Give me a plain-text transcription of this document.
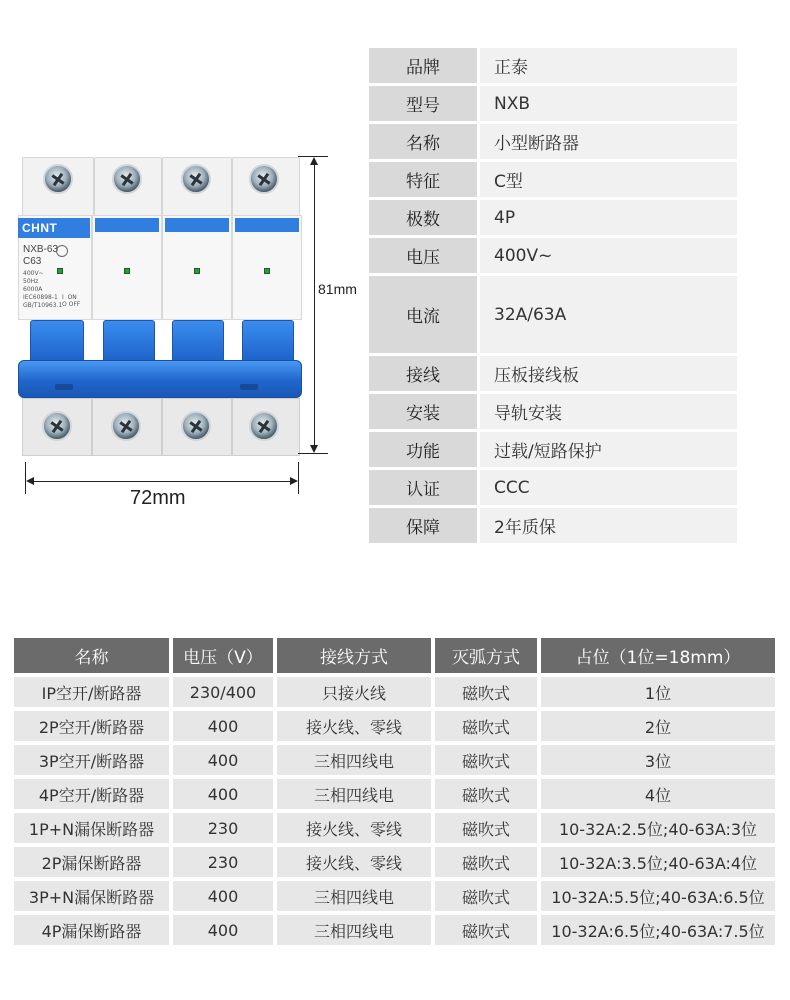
CHNT
NXB-63
C63
400V~
50Hz
6000A
IEC60898-1
GB/T10963.1
I  ON
O OFF
81mm
72mm
品牌	正泰
型号	NXB
名称	小型断路器
特征	C型
极数	4P
电压	400V~
电流	32A/63A
接线	压板接线板
安装	导轨安装
功能	过载/短路保护
认证	CCC
保障	2年质保
名称	电压（V）	接线方式	灭弧方式	占位（1位=18mm）
IP空开/断路器	230/400	只接火线	磁吹式	1位
2P空开/断路器	400	接火线、零线	磁吹式	2位
3P空开/断路器	400	三相四线电	磁吹式	3位
4P空开/断路器	400	三相四线电	磁吹式	4位
1P+N漏保断路器	230	接火线、零线	磁吹式	10-32A:2.5位;40-63A:3位
2P漏保断路器	230	接火线、零线	磁吹式	10-32A:3.5位;40-63A:4位
3P+N漏保断路器	400	三相四线电	磁吹式	10-32A:5.5位;40-63A:6.5位
4P漏保断路器	400	三相四线电	磁吹式	10-32A:6.5位;40-63A:7.5位
